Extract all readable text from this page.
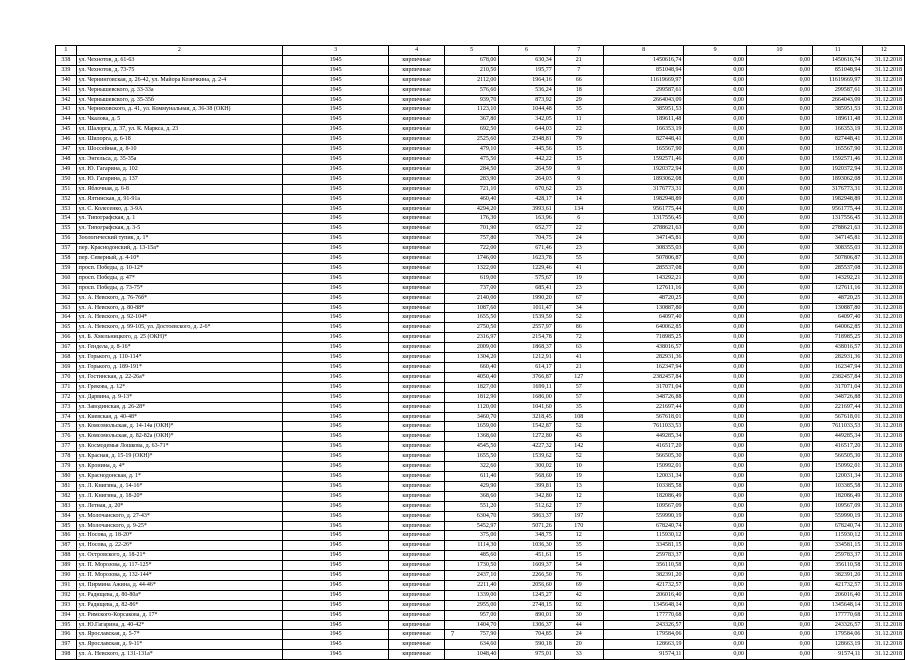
1	2	3	4	5	6	7	8	9	10	11	12
338	ул. Чехнотов, д. 61-63	1945	кирпичные	678,00	630,34	21	1450616,74	0,00	0,00	1450616,74	31.12.2018
339	ул. Чехнотов, д. 73-75	1945	кирпичные	210,50	195,77	7	851048,94	0,00	0,00	851048,94	31.12.2018
340	ул. Чернинговская, д. 26-42, ул. Майора Козичкина, д. 2-4	1945	кирпичные	2112,00	1964,16	66	11619669,97	0,00	0,00	11619669,97	31.12.2018
341	ул. Чернышевского, д. 33-33а	1945	кирпичные	576,60	536,24	18	299587,61	0,00	0,00	299587,61	31.12.2018
342	ул. Чернышевского, д. 35-35б	1945	кирпичные	939,70	873,92	29	2664043,09	0,00	0,00	2664043,09	31.12.2018
343	ул. Черняховского, д. 41, ул. Коммунальная, д. 36-38 (ОКН)	1945	кирпичные	1123,10	1044,48	35	385951,53	0,00	0,00	385951,53	31.12.2018
344	ул. Чкалова, д. 5	1945	кирпичные	367,80	342,05	11	189611,48	0,00	0,00	189611,48	31.12.2018
345	ул. Шалорга, д. 37, ул. К. Маркса, д. 23	1945	кирпичные	692,50	644,03	22	166353,19	0,00	0,00	166353,19	31.12.2018
346	ул. Шилорга, д. 6-18	1945	кирпичные	2525,60	2348,81	79	827448,41	0,00	0,00	827448,41	31.12.2018
347	ул. Шоссейная, д. 8-10	1945	кирпичные	479,10	445,56	15	165567,90	0,00	0,00	165567,90	31.12.2018
348	ул. Энгельса, д. 35-35а	1945	кирпичные	475,50	442,22	15	1592571,46	0,00	0,00	1592571,46	31.12.2018
349	ул. Ю. Гагарина, д. 102	1945	кирпичные	284,50	264,59	9	1920372,94	0,00	0,00	1920372,94	31.12.2018
350	ул. Ю. Гагарина, д. 137	1945	кирпичные	283,90	264,03	9	1893062,08	0,00	0,00	1893062,08	31.12.2018
351	ул. Яблочная, д. 6-8	1945	кирпичные	721,10	670,62	23	3176773,31	0,00	0,00	3176773,31	31.12.2018
352	ул. Ялтинская, д. 91-91а	1945	кирпичные	460,40	428,17	14	1982948,89	0,00	0,00	1982948,89	31.12.2018
353	ул. С. Колесенко, д. 3-9А	1945	кирпичные	4294,20	3993,61	134	9561775,44	0,00	0,00	9561775,44	31.12.2018
354	ул. Типографская, д. 1	1945	кирпичные	176,30	163,96	6	1317556,45	0,00	0,00	1317556,45	31.12.2018
355	ул. Типографская, д. 3-5	1945	кирпичные	701,90	652,77	22	2788621,63	0,00	0,00	2788621,63	31.12.2018
356	Зоологический тупик, д. 1*	1945	кирпичные	757,80	704,75	24	347145,81	0,00	0,00	347145,81	31.12.2018
357	пер. Краснодонский, д. 13-15а*	1945	кирпичные	722,00	671,46	23	308355,03	0,00	0,00	308355,03	31.12.2018
358	пер. Северный, д. 4-10*	1945	кирпичные	1746,00	1623,78	55	507806,87	0,00	0,00	507806,87	31.12.2018
359	просп. Победы, д. 10-12*	1945	кирпичные	1322,00	1229,46	41	285537,08	0,00	0,00	285537,08	31.12.2018
360	просп. Победы, д. 47*	1945	кирпичные	619,00	575,67	19	143292,21	0,00	0,00	143292,21	31.12.2018
361	просп. Победы, д. 73-75*	1945	кирпичные	737,00	685,41	23	127611,16	0,00	0,00	127611,16	31.12.2018
362	ул. А. Невского, д. 76-76б*	1945	кирпичные	2140,00	1990,20	67	48720,25	0,00	0,00	48720,25	31.12.2018
363	ул. А. Невского, д. 80-88*	1945	кирпичные	1087,60	1011,47	34	130887,80	0,00	0,00	130887,80	31.12.2018
364	ул. А. Невского, д. 92-104*	1945	кирпичные	1655,50	1539,59	52	64097,40	0,00	0,00	64097,40	31.12.2018
365	ул. А. Невского, д. 99-105, ул. Достоевского, д. 2-6*	1945	кирпичные	2750,50	2557,97	86	640062,85	0,00	0,00	640062,85	31.12.2018
366	ул. Б. Хмельницкого, д. 25 (ОКН)*	1945	кирпичные	2316,97	2154,78	72	718985,25	0,00	0,00	718985,25	31.12.2018
367	ул. Гендела, д. 8-16*	1945	кирпичные	2009,00	1868,37	63	438016,57	0,00	0,00	438016,57	31.12.2018
368	ул. Горького, д. 110-114*	1945	кирпичные	1304,20	1212,91	41	282931,36	0,00	0,00	282931,36	31.12.2018
369	ул. Горького, д. 189-191*	1945	кирпичные	660,40	614,17	21	162347,94	0,00	0,00	162347,94	31.12.2018
370	ул. Гостинская, д. 22-26а*	1945	кирпичные	4050,40	3766,87	127	2382457,84	0,00	0,00	2382457,84	31.12.2018
371	ул. Грекова, д. 12*	1945	кирпичные	1827,00	1699,11	57	317071,04	0,00	0,00	317071,04	31.12.2018
372	ул. Дарвина, д. 9-13*	1945	кирпичные	1812,90	1686,00	57	348726,88	0,00	0,00	348726,88	31.12.2018
373	ул. Заводинская, д. 26-28*	1945	кирпичные	1120,00	1041,60	35	221697,44	0,00	0,00	221697,44	31.12.2018
374	ул. Киевская, д. 40-48*	1945	кирпичные	3460,70	3218,45	108	567618,01	0,00	0,00	567618,01	31.12.2018
375	ул. Комсомольская, д. 14-14а (ОКН)*	1945	кирпичные	1659,00	1542,87	52	7611033,53	0,00	0,00	7611033,53	31.12.2018
376	ул. Комсомольская, д. 82-82а (ОКН)*	1945	кирпичные	1368,60	1272,80	43	449285,34	0,00	0,00	449285,34	31.12.2018
377	ул. Космодемья Лошкова, д. 63-71*	1945	кирпичные	4545,50	4227,32	142	416517,20	0,00	0,00	416517,20	31.12.2018
378	ул. Красная, д. 15-19 (ОКН)*	1945	кирпичные	1655,50	1539,62	52	566505,30	0,00	0,00	566505,30	31.12.2018
379	ул. Кронина, д. 4*	1945	кирпичные	322,60	300,02	10	150992,01	0,00	0,00	150992,01	31.12.2018
380	ул. Краснодонская, д. 1*	1945	кирпичные	611,40	568,60	19	120031,34	0,00	0,00	120031,34	31.12.2018
381	ул. Л. Книгина, д. 14-16*	1945	кирпичные	429,90	399,81	13	103385,58	0,00	0,00	103385,58	31.12.2018
382	ул. Л. Книгина, д. 18-20*	1945	кирпичные	368,60	342,80	12	182086,49	0,00	0,00	182086,49	31.12.2018
383	ул. Летная, д. 20*	1945	кирпичные	551,20	512,62	17	109567,09	0,00	0,00	109567,09	31.12.2018
384	ул. Молочанского, д. 27-43*	1945	кирпичные	6304,70	5863,37	197	559990,19	0,00	0,00	559990,19	31.12.2018
385	ул. Молочанского, д. 9-25*	1945	кирпичные	5452,97	5071,26	170	678240,74	0,00	0,00	678240,74	31.12.2018
386	ул. Носова, д. 18-20*	1945	кирпичные	375,00	348,75	12	115930,12	0,00	0,00	115930,12	31.12.2018
387	ул. Носова, д. 22-26*	1945	кирпичные	1114,30	1036,30	35	334581,15	0,00	0,00	334581,15	31.12.2018
388	ул. Островского, д. 18-21*	1945	кирпичные	485,60	451,61	15	259783,37	0,00	0,00	259783,37	31.12.2018
389	ул. П. Морозова, д. 117-125*	1945	кирпичные	1730,50	1609,37	54	356110,58	0,00	0,00	356110,58	31.12.2018
390	ул. П. Морозова, д. 132-144*	1945	кирпичные	2437,10	2266,50	76	382391,20	0,00	0,00	382391,20	31.12.2018
391	ул. Пирмина Ажина, д. 44-46*	1945	кирпичные	2211,40	2056,60	69	421732,57	0,00	0,00	421732,57	31.12.2018
392	ул. Радищева, д. 80-80а*	1945	кирпичные	1339,00	1245,27	42	206016,40	0,00	0,00	206016,40	31.12.2018
393	ул. Радищева, д. 82-86*	1945	кирпичные	2955,00	2748,15	92	1345648,14	0,00	0,00	1345648,14	31.12.2018
394	ул. Римского-Корсакова, д. 17*	1945	кирпичные	957,00	890,01	30	177770,68	0,00	0,00	177770,68	31.12.2018
395	ул. Ю.Гагарина, д. 40-42*	1945	кирпичные	1404,70	1306,37	44	243326,57	0,00	0,00	243326,57	31.12.2018
396	ул. Ярославская, д. 5-7*	1945	кирпичные	757,90	704,85	24	179584,06	0,00	0,00	179584,06	31.12.2018
397	ул. Ярославская, д. 9-11*	1945	кирпичные	634,60	590,18	20	128663,19	0,00	0,00	128663,19	31.12.2018
398	ул. А. Невского, д. 131-131а*	1945	кирпичные	1048,40	975,01	33	91574,11	0,00	0,00	91574,11	31.12.2018
7
